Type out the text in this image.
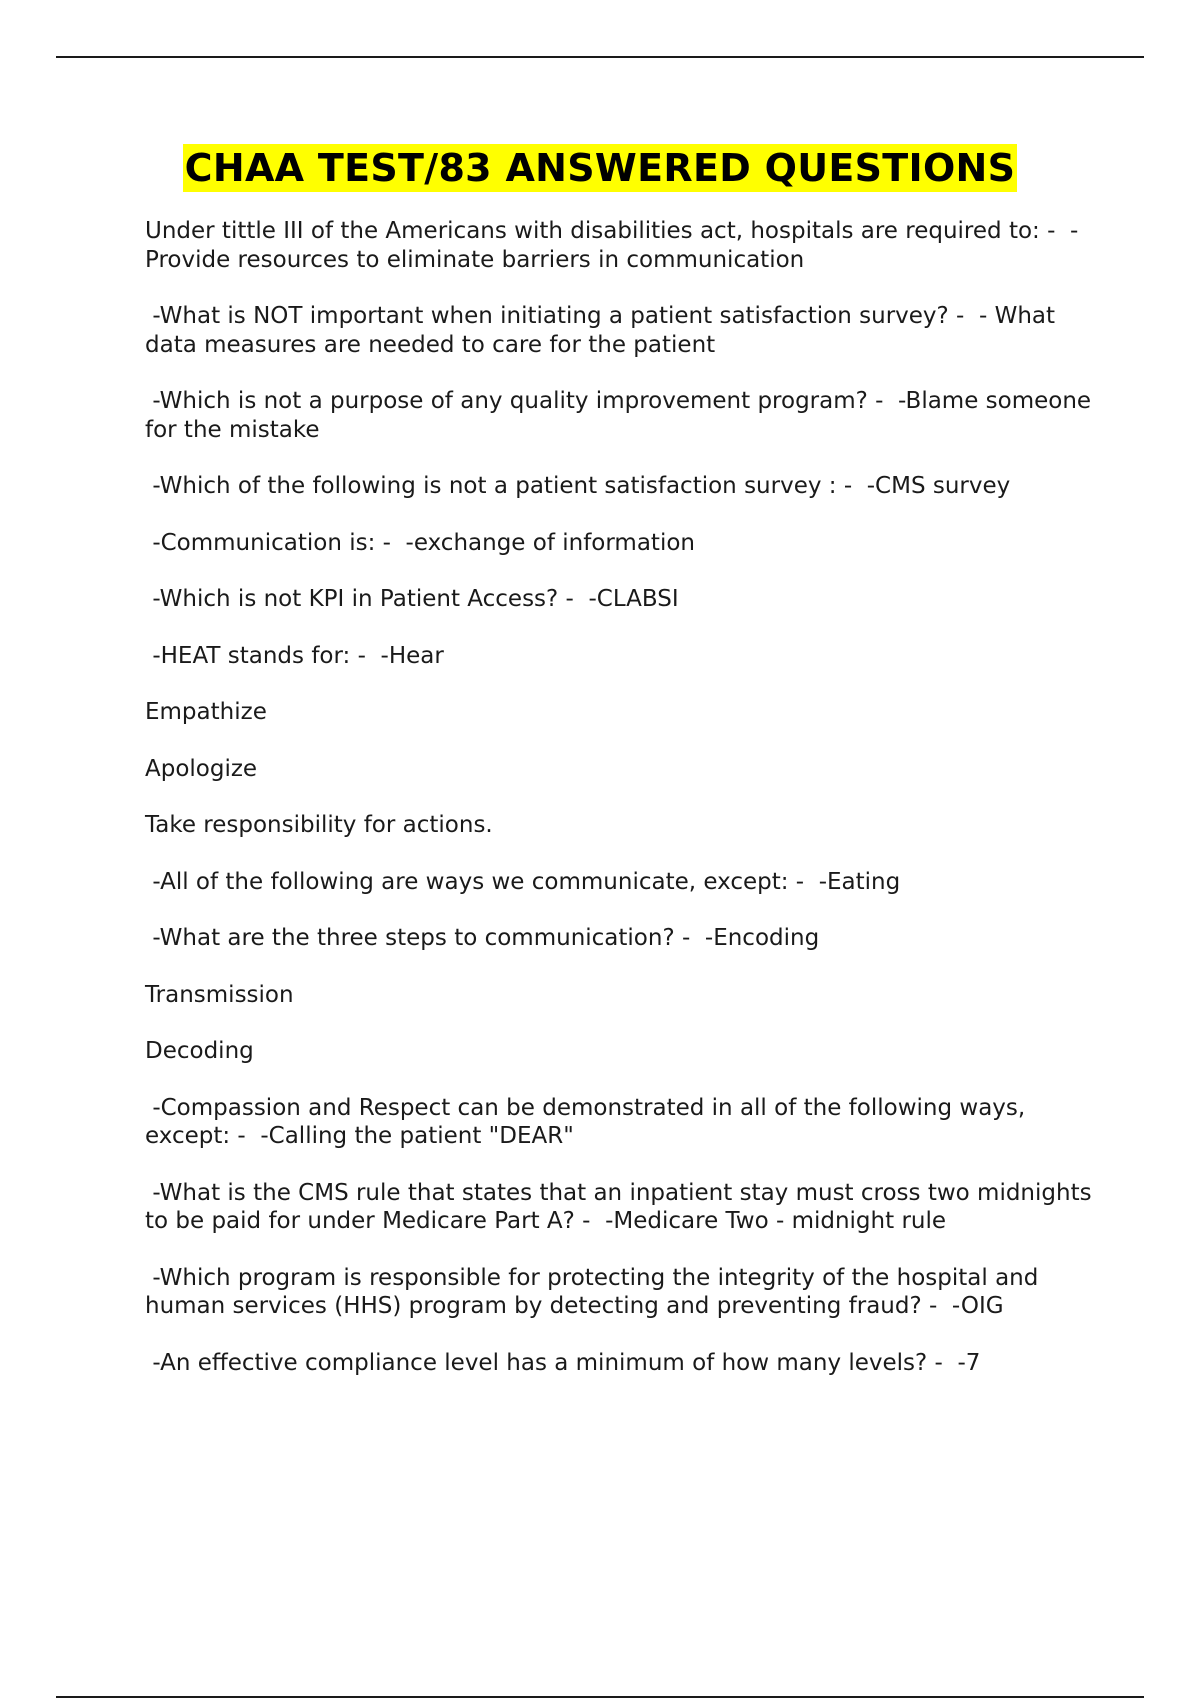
CHAA TEST/83 ANSWERED QUESTIONS

Under tittle III of the Americans with disabilities act, hospitals are required to: -  -Provide resources to eliminate barriers in communication

-What is NOT important when initiating a patient satisfaction survey? -  - What data measures are needed to care for the patient

-Which is not a purpose of any quality improvement program? -  -Blame someone for the mistake

-Which of the following is not a patient satisfaction survey : -  -CMS survey

-Communication is: -  -exchange of information

-Which is not KPI in Patient Access? -  -CLABSI

-HEAT stands for: -  -Hear

Empathize

Apologize

Take responsibility for actions.

-All of the following are ways we communicate, except: -  -Eating

-What are the three steps to communication? -  -Encoding

Transmission

Decoding

-Compassion and Respect can be demonstrated in all of the following ways, except: -  -Calling the patient "DEAR"

-What is the CMS rule that states that an inpatient stay must cross two midnights to be paid for under Medicare Part A? -  -Medicare Two - midnight rule

-Which program is responsible for protecting the integrity of the hospital and human services (HHS) program by detecting and preventing fraud? -  -OIG

-An effective compliance level has a minimum of how many levels? -  -7
